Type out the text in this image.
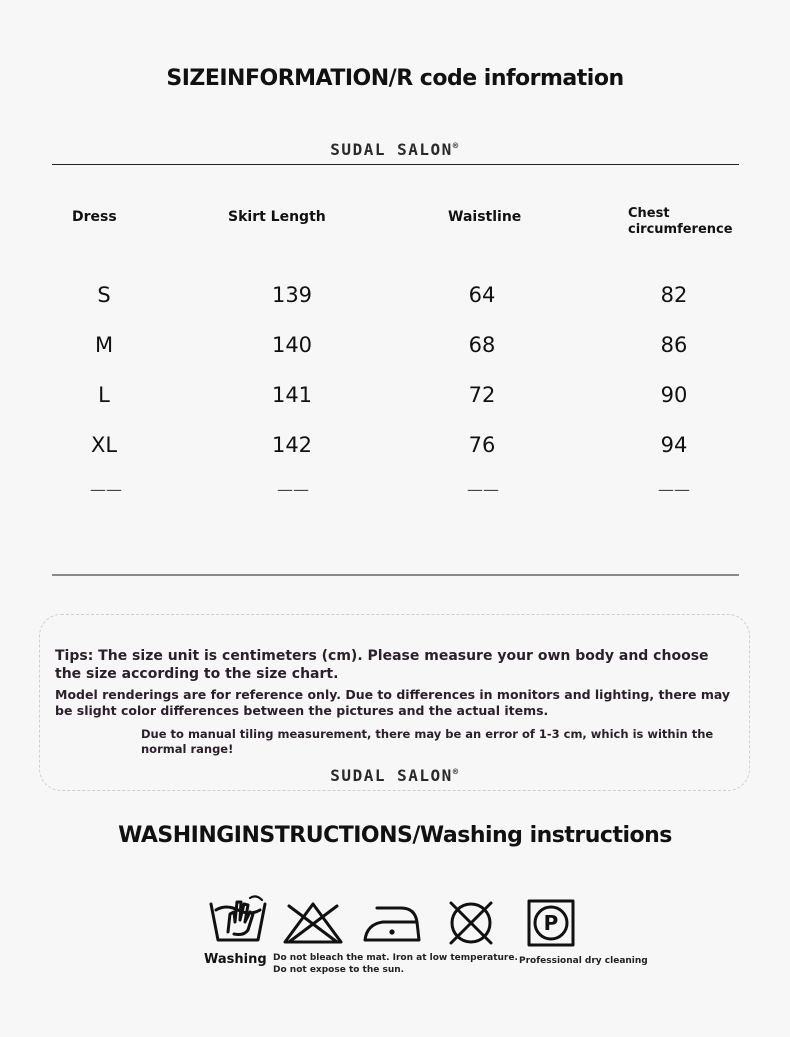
SIZEINFORMATION/R code information
SUDAL SALON®
Dress	Skirt Length	Waistline	Chest
circumference
S	139	64	82
M	140	68	86
L	141	72	90
XL	142	76	94
——	——	——	——
Tips: The size unit is centimeters (cm). Please measure your own body and choose the size according to the size chart.
Model renderings are for reference only. Due to differences in monitors and lighting, there may be slight color differences between the pictures and the actual items.
Due to manual tiling measurement, there may be an error of 1-3 cm, which is within the normal range!
SUDAL SALON®
WASHINGINSTRUCTIONS/Washing instructions
Washing
P
Do not bleach the mat. Iron at low temperature.
Do not expose to the sun.
Professional dry cleaning
